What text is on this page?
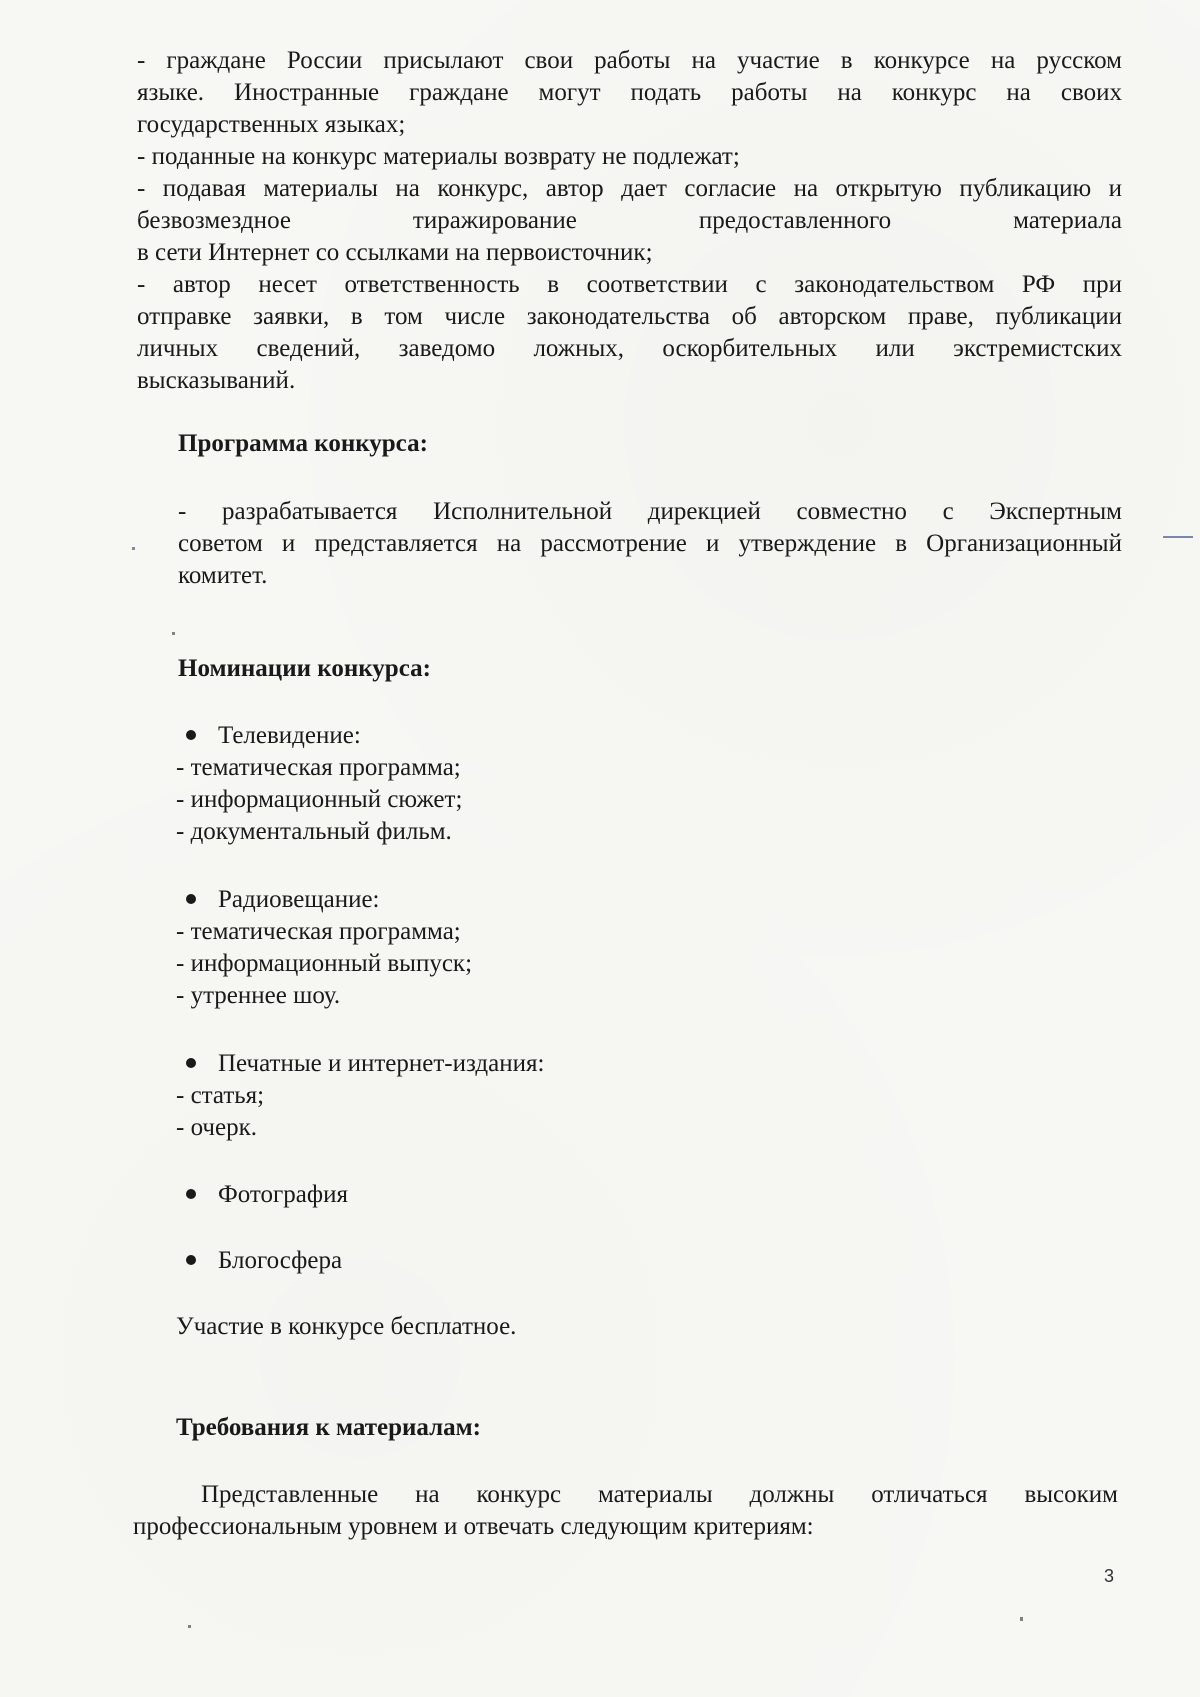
- граждане России присылают свои работы на участие в конкурсе на русском
языке. Иностранные граждане могут подать работы на конкурс на своих
государственных языках;
- поданные на конкурс материалы возврату не подлежат;
- подавая материалы на конкурс, автор дает согласие на открытую публикацию и
безвозмездное тиражирование предоставленного материала
в сети Интернет со ссылками на первоисточник;
- автор несет ответственность в соответствии с законодательством РФ при
отправке заявки, в том числе законодательства об авторском праве, публикации
личных сведений, заведомо ложных, оскорбительных или экстремистских
высказываний.
Программа конкурса:
- разрабатывается Исполнительной дирекцией совместно с Экспертным
советом и представляется на рассмотрение и утверждение в Организационный
комитет.
Номинации конкурса:
Телевидение:
- тематическая программа;
- информационный сюжет;
- документальный фильм.
Радиовещание:
- тематическая программа;
- информационный выпуск;
- утреннее шоу.
Печатные и интернет-издания:
- статья;
- очерк.
Фотография
Блогосфера
Участие в конкурсе бесплатное.
Требования к материалам:
Представленные на конкурс материалы должны отличаться высоким
профессиональным уровнем и отвечать следующим критериям:
3
